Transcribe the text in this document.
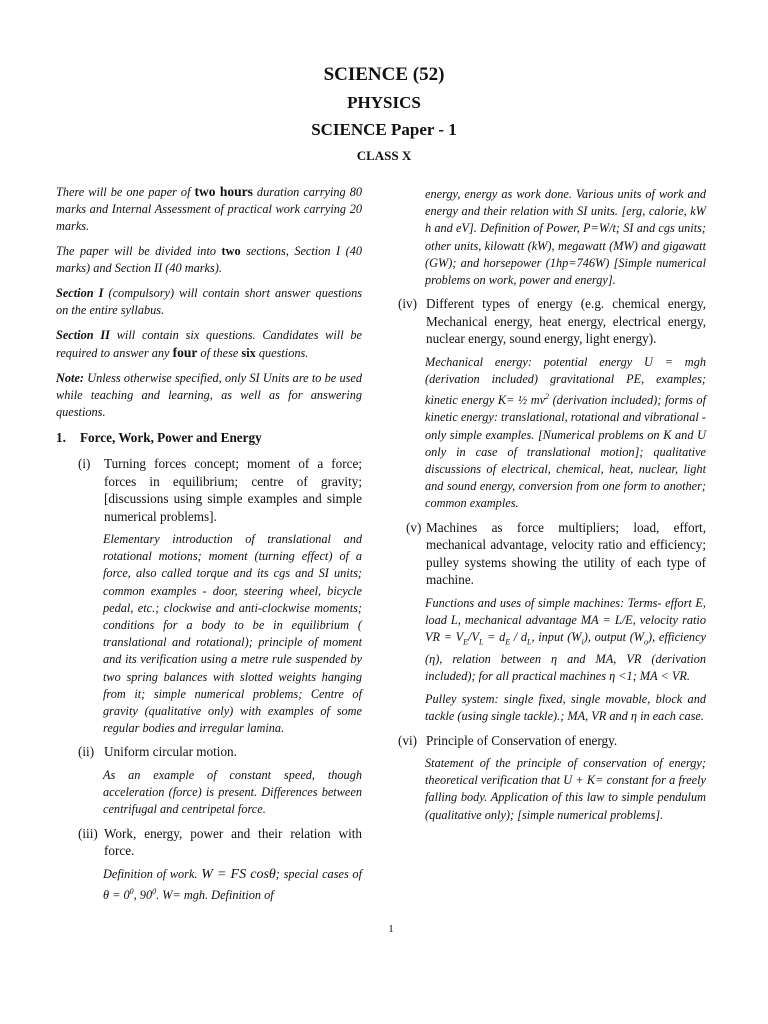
SCIENCE (52)
PHYSICS
SCIENCE Paper - 1
CLASS X

There will be one paper of two hours duration carrying 80 marks and Internal Assessment of practical work carrying 20 marks.

The paper will be divided into two sections, Section I (40 marks) and Section II (40 marks).

Section I (compulsory) will contain short answer questions on the entire syllabus.

Section II will contain six questions. Candidates will be required to answer any four of these six questions.

Note: Unless otherwise specified, only SI Units are to be used while teaching and learning, as well as for answering questions.

1.	Force, Work, Power and Energy
(i)	Turning forces concept; moment of a force; forces in equilibrium; centre of gravity; [discussions using simple examples and simple numerical problems].

Elementary introduction of translational and rotational motions; moment (turning effect) of a force, also called torque and its cgs and SI units; common examples - door, steering wheel, bicycle pedal, etc.; clockwise and anti-clockwise moments; conditions for a body to be in equilibrium ( translational and rotational); principle of moment and its verification using a metre rule suspended by two spring balances with slotted weights hanging from it; simple numerical problems; Centre of gravity (qualitative only) with examples of some regular bodies and irregular lamina.

(ii) Uniform circular motion.

As an example of constant speed, though acceleration (force) is present. Differences between centrifugal and centripetal force.

(iii) Work, energy, power and their relation with force.

Definition of work. W = FS cosθ; special cases of $\theta = 0^0$, $90^0$. W= mgh. Definition of

energy, energy as work done. Various units of work and energy and their relation with SI units. [erg, calorie, kW h and eV]. Definition of Power, P=W/t; SI and cgs units; other units, kilowatt (kW), megawatt (MW) and gigawatt (GW); and horsepower (1hp=746W) [Simple numerical problems on work, power and energy].

(iv) Different types of energy (e.g. chemical energy, Mechanical energy, heat energy, electrical energy, nuclear energy, sound energy, light energy).

Mechanical energy: potential energy U = mgh (derivation included) gravitational PE, examples; kinetic energy K= ½ $mv^2$ (derivation included); forms of kinetic energy: translational, rotational and vibrational - only simple examples. [Numerical problems on K and U only in case of translational motion]; qualitative discussions of electrical, chemical, heat, nuclear, light and sound energy, conversion from one form to another; common examples.

(v) Machines as force multipliers; load, effort, mechanical advantage, velocity ratio and efficiency; pulley systems showing the utility of each type of machine.

Functions and uses of simple machines: Terms- effort E, load L, mechanical advantage MA = L/E, velocity ratio VR = $V_E/V_L = d_E / d_L$, input $(W_i)$, output $(W_o)$, efficiency (η), relation between η and MA, VR (derivation included); for all practical machines η <1; MA < VR.

Pulley system: single fixed, single movable, block and tackle (using single tackle).; MA, VR and η in each case.

(vi) Principle of Conservation of energy.

Statement of the principle of conservation of energy; theoretical verification that U + K= constant for a freely falling body. Application of this law to simple pendulum (qualitative only); [simple numerical problems].

1
